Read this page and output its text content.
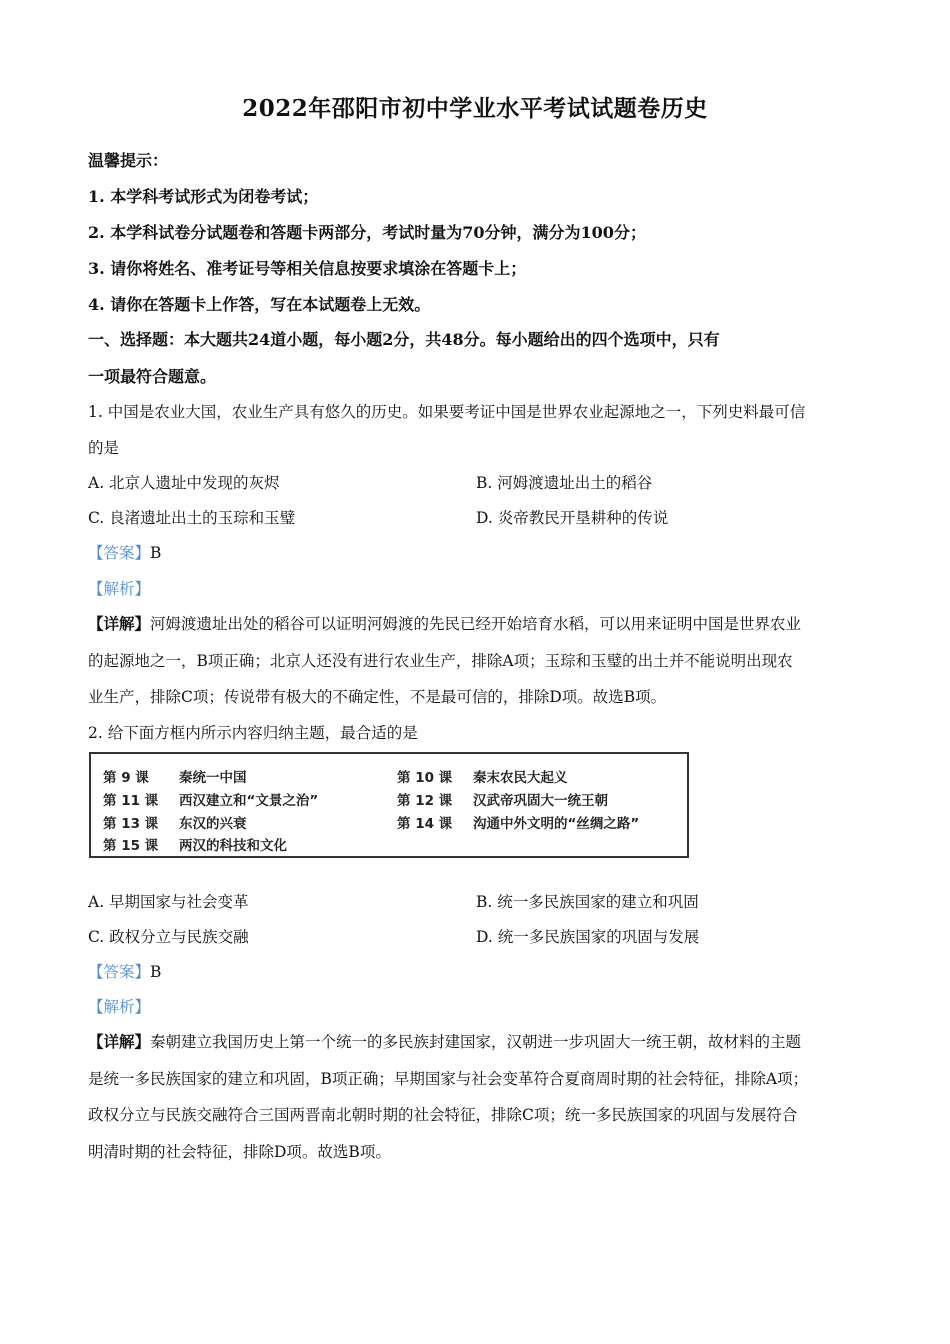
2022年邵阳市初中学业水平考试试题卷历史
温馨提示：
1. 本学科考试形式为闭卷考试；
2. 本学科试卷分试题卷和答题卡两部分，考试时量为70分钟，满分为100分；
3. 请你将姓名、准考证号等相关信息按要求填涂在答题卡上；
4. 请你在答题卡上作答，写在本试题卷上无效。
一、选择题：本大题共24道小题，每小题2分，共48分。每小题给出的四个选项中，只有
一项最符合题意。
1. 中国是农业大国，农业生产具有悠久的历史。如果要考证中国是世界农业起源地之一，下列史料最可信
的是
A. 北京人遗址中发现的灰烬	B. 河姆渡遗址出土的稻谷
C. 良渚遗址出土的玉琮和玉璧	D. 炎帝教民开垦耕种的传说
【答案】B
【解析】
【详解】河姆渡遗址出处的稻谷可以证明河姆渡的先民已经开始培育水稻，可以用来证明中国是世界农业
的起源地之一，B项正确；北京人还没有进行农业生产，排除A项；玉琮和玉璧的出土并不能说明出现农
业生产，排除C项；传说带有极大的不确定性，不是最可信的，排除D项。故选B项。
2. 给下面方框内所示内容归纳主题，最合适的是
第 9 课 秦统一中国	第 10 课 秦末农民大起义
第 11 课 西汉建立和“文景之治”	第 12 课 汉武帝巩固大一统王朝
第 13 课 东汉的兴衰	第 14 课 沟通中外文明的“丝绸之路”
第 15 课 两汉的科技和文化
A. 早期国家与社会变革	B. 统一多民族国家的建立和巩固
C. 政权分立与民族交融	D. 统一多民族国家的巩固与发展
【答案】B
【解析】
【详解】秦朝建立我国历史上第一个统一的多民族封建国家，汉朝进一步巩固大一统王朝，故材料的主题
是统一多民族国家的建立和巩固，B项正确；早期国家与社会变革符合夏商周时期的社会特征，排除A项；
政权分立与民族交融符合三国两晋南北朝时期的社会特征，排除C项；统一多民族国家的巩固与发展符合
明清时期的社会特征，排除D项。故选B项。
